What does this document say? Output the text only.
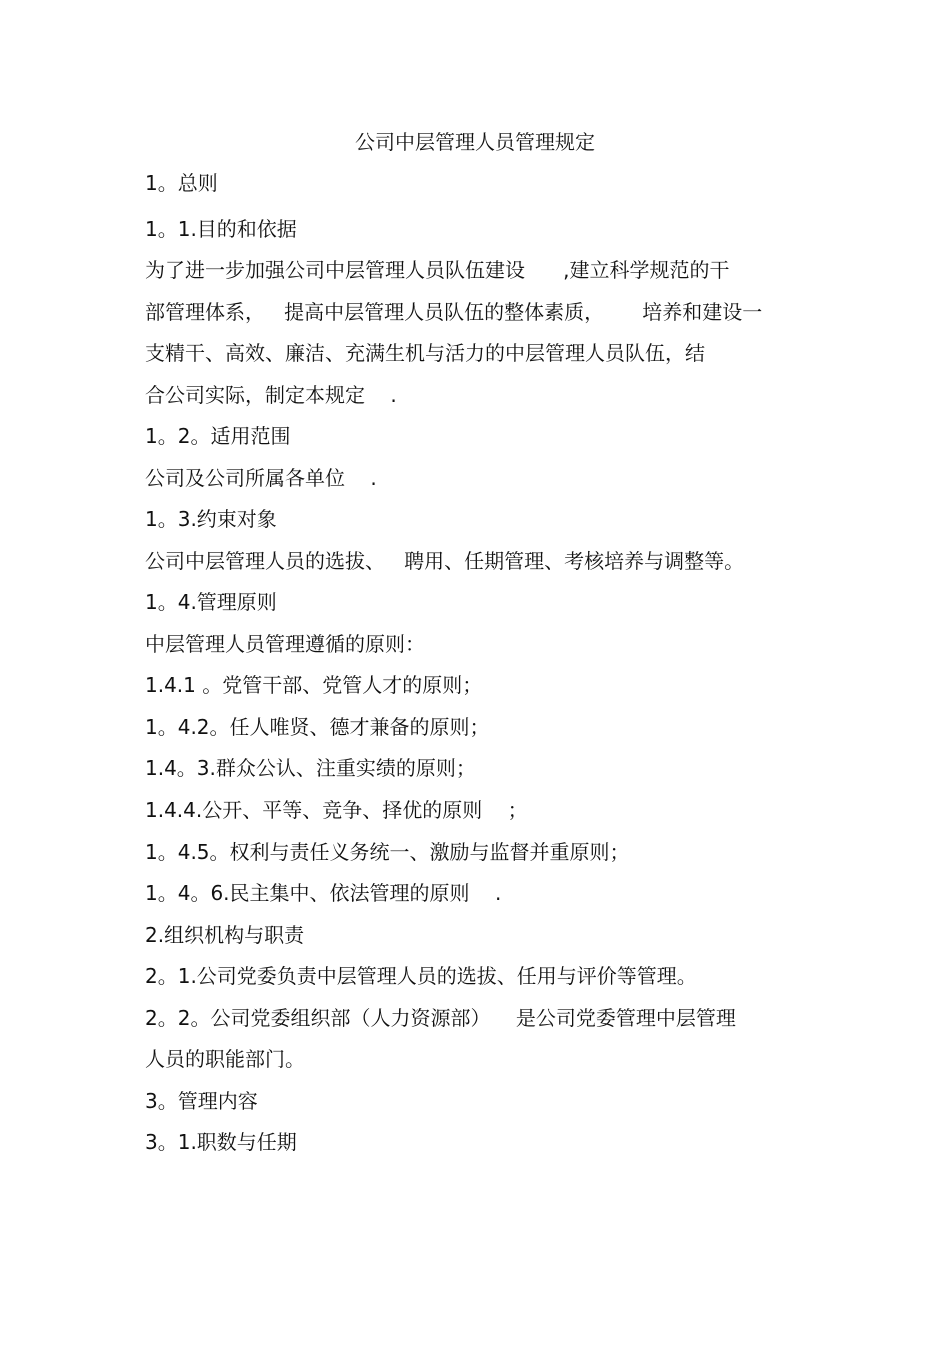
公司中层管理人员管理规定
1。总则
1。1.目的和依据
为了进一步加强公司中层管理人员队伍建设      ,建立科学规范的干
部管理体系，   提高中层管理人员队伍的整体素质，      培养和建设一
支精干、高效、廉洁、充满生机与活力的中层管理人员队伍，结
合公司实际，制定本规定    .
1。2。适用范围
公司及公司所属各单位    .
1。3.约束对象
公司中层管理人员的选拔、   聘用、任期管理、考核培养与调整等。
1。4.管理原则
中层管理人员管理遵循的原则：
1.4.1 。党管干部、党管人才的原则；
1。4.2。任人唯贤、德才兼备的原则；
1.4。3.群众公认、注重实绩的原则；
1.4.4.公开、平等、竞争、择优的原则    ；
1。4.5。权利与责任义务统一、激励与监督并重原则；
1。4。6.民主集中、依法管理的原则    .
2.组织机构与职责
2。1.公司党委负责中层管理人员的选拔、任用与评价等管理。
2。2。公司党委组织部（人力资源部）    是公司党委管理中层管理
人员的职能部门。
3。管理内容
3。1.职数与任期
